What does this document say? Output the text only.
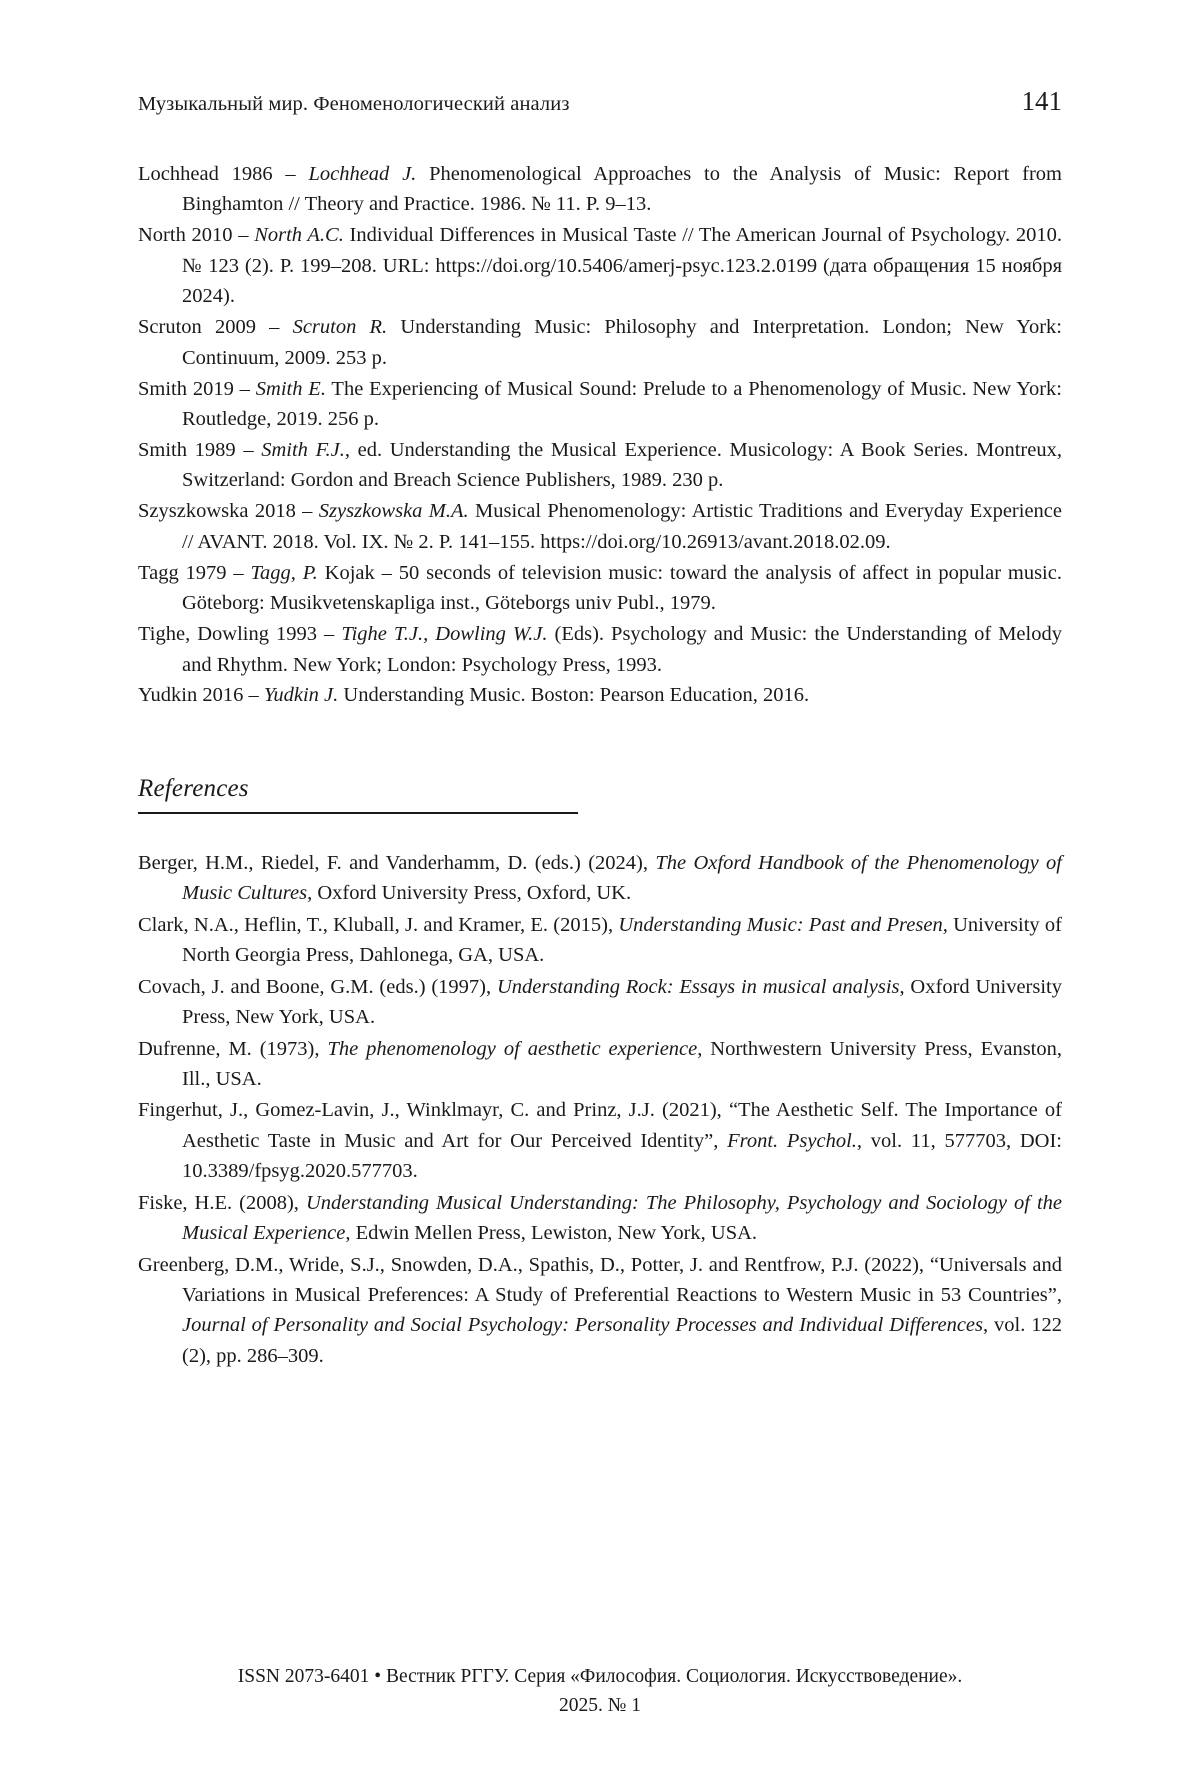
Музыкальный мир. Феноменологический анализ	141
Lochhead 1986 – Lochhead J. Phenomenological Approaches to the Analysis of Music: Report from Binghamton // Theory and Practice. 1986. № 11. P. 9–13.
North 2010 – North A.C. Individual Differences in Musical Taste // The American Journal of Psychology. 2010. № 123 (2). P. 199–208. URL: https://doi.org/10.5406/amerj-psyc.123.2.0199 (дата обращения 15 ноября 2024).
Scruton 2009 – Scruton R. Understanding Music: Philosophy and Interpretation. London; New York: Continuum, 2009. 253 p.
Smith 2019 – Smith E. The Experiencing of Musical Sound: Prelude to a Phenomenology of Music. New York: Routledge, 2019. 256 p.
Smith 1989 – Smith F.J., ed. Understanding the Musical Experience. Musicology: A Book Series. Montreux, Switzerland: Gordon and Breach Science Publishers, 1989. 230 p.
Szyszkowska 2018 – Szyszkowska M.A. Musical Phenomenology: Artistic Traditions and Everyday Experience // AVANT. 2018. Vol. IX. № 2. P. 141–155. https://doi.org/10.26913/avant.2018.02.09.
Tagg 1979 – Tagg, P. Kojak – 50 seconds of television music: toward the analysis of affect in popular music. Göteborg: Musikvetenskapliga inst., Göteborgs univ Publ., 1979.
Tighe, Dowling 1993 – Tighe T.J., Dowling W.J. (Eds). Psychology and Music: the Understanding of Melody and Rhythm. New York; London: Psychology Press, 1993.
Yudkin 2016 – Yudkin J. Understanding Music. Boston: Pearson Education, 2016.
References
Berger, H.M., Riedel, F. and Vanderhamm, D. (eds.) (2024), The Oxford Handbook of the Phenomenology of Music Cultures, Oxford University Press, Oxford, UK.
Clark, N.A., Heflin, T., Kluball, J. and Kramer, E. (2015), Understanding Music: Past and Presen, University of North Georgia Press, Dahlonega, GA, USA.
Covach, J. and Boone, G.M. (eds.) (1997), Understanding Rock: Essays in musical analysis, Oxford University Press, New York, USA.
Dufrenne, M. (1973), The phenomenology of aesthetic experience, Northwestern University Press, Evanston, Ill., USA.
Fingerhut, J., Gomez-Lavin, J., Winklmayr, C. and Prinz, J.J. (2021), “The Aesthetic Self. The Importance of Aesthetic Taste in Music and Art for Our Perceived Identity”, Front. Psychol., vol. 11, 577703, DOI: 10.3389/fpsyg.2020.577703.
Fiske, H.E. (2008), Understanding Musical Understanding: The Philosophy, Psychology and Sociology of the Musical Experience, Edwin Mellen Press, Lewiston, New York, USA.
Greenberg, D.M., Wride, S.J., Snowden, D.A., Spathis, D., Potter, J. and Rentfrow, P.J. (2022), “Universals and Variations in Musical Preferences: A Study of Preferential Reactions to Western Music in 53 Countries”, Journal of Personality and Social Psychology: Personality Processes and Individual Differences, vol. 122 (2), pp. 286–309.
ISSN 2073-6401 • Вестник РГГУ. Серия «Философия. Социология. Искусствоведение».
2025. № 1
